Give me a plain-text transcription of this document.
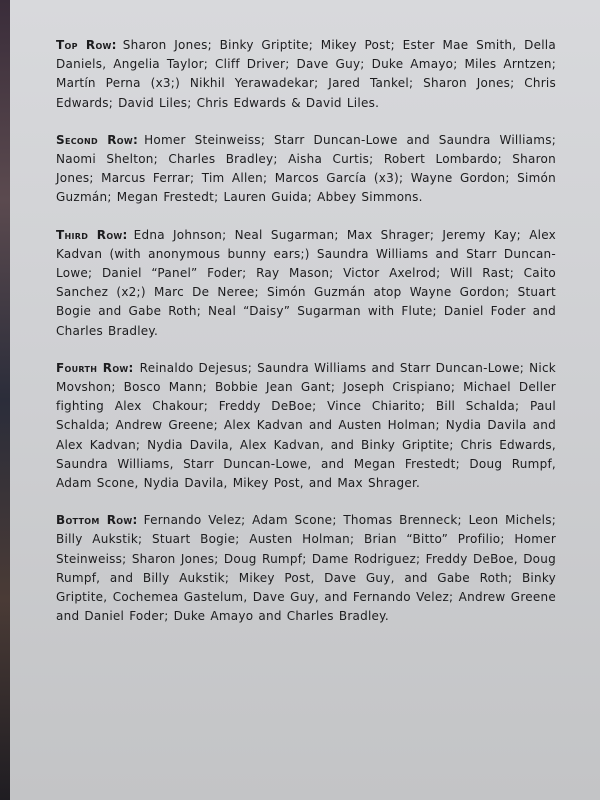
Top Row: Sharon Jones; Binky Griptite; Mikey Post; Ester Mae Smith, Della Daniels, Angelia Taylor; Cliff Driver; Dave Guy; Duke Amayo; Miles Arntzen; Martín Perna (x3;) Nikhil Yerawadekar; Jared Tankel; Sharon Jones; Chris Edwards; David Liles; Chris Edwards & David Liles.

Second Row: Homer Steinweiss; Starr Duncan-Lowe and Saundra Williams; Naomi Shelton; Charles Bradley; Aisha Curtis; Robert Lombardo; Sharon Jones; Marcus Ferrar; Tim Allen; Marcos García (x3); Wayne Gordon; Simón Guzmán; Megan Frestedt; Lauren Guida; Abbey Simmons.

Third Row: Edna Johnson; Neal Sugarman; Max Shrager; Jeremy Kay; Alex Kadvan (with anonymous bunny ears;) Saundra Williams and Starr Duncan-Lowe; Daniel “Panel” Foder; Ray Mason; Victor Axelrod; Will Rast; Caito Sanchez (x2;) Marc De Neree; Simón Guzmán atop Wayne Gordon; Stuart Bogie and Gabe Roth; Neal “Daisy” Sugarman with Flute; Daniel Foder and Charles Bradley.

Fourth Row: Reinaldo Dejesus; Saundra Williams and Starr Duncan-Lowe; Nick Movshon; Bosco Mann; Bobbie Jean Gant; Joseph Crispiano; Michael Deller fighting Alex Chakour; Freddy DeBoe; Vince Chiarito; Bill Schalda; Paul Schalda; Andrew Greene; Alex Kadvan and Austen Holman; Nydia Davila and Alex Kadvan; Nydia Davila, Alex Kadvan, and Binky Griptite; Chris Edwards, Saundra Williams, Starr Duncan-Lowe, and Megan Frestedt; Doug Rumpf, Adam Scone, Nydia Davila, Mikey Post, and Max Shrager.

Bottom Row: Fernando Velez; Adam Scone; Thomas Brenneck; Leon Michels; Billy Aukstik; Stuart Bogie; Austen Holman; Brian “Bitto” Profilio; Homer Steinweiss; Sharon Jones; Doug Rumpf; Dame Rodriguez; Freddy DeBoe, Doug Rumpf, and Billy Aukstik; Mikey Post, Dave Guy, and Gabe Roth; Binky Griptite, Cochemea Gastelum, Dave Guy, and Fernando Velez; Andrew Greene and Daniel Foder; Duke Amayo and Charles Bradley.
